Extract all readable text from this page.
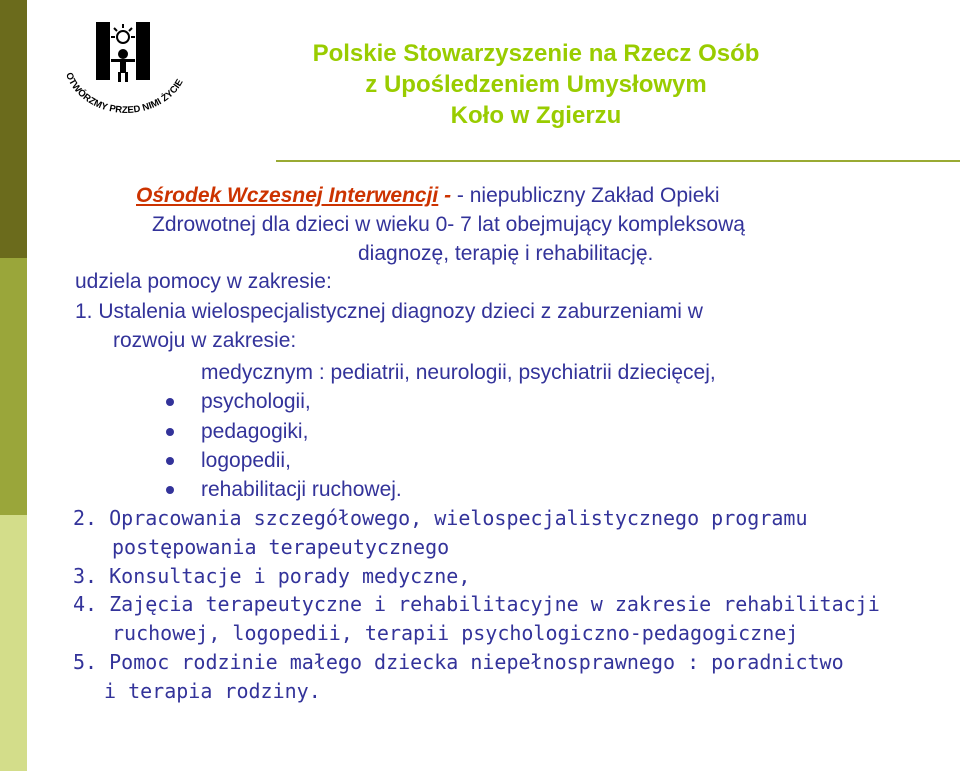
OTWÓRZMY PRZED NIMI ŻYCIE
Polskie Stowarzyszenie na Rzecz Osób
z Upośledzeniem Umysłowym
Koło w Zgierzu
Ośrodek Wczesnej Interwencji - - niepubliczny Zakład Opieki
Zdrowotnej dla dzieci w wieku 0- 7 lat obejmujący kompleksową
diagnozę, terapię i rehabilitację.
udziela pomocy w zakresie:
1. Ustalenia wielospecjalistycznej diagnozy dzieci z zaburzeniami w
rozwoju w zakresie:
medycznym : pediatrii, neurologii, psychiatrii dziecięcej,
psychologii,
pedagogiki,
logopedii,
rehabilitacji ruchowej.
2. Opracowania szczegółowego, wielospecjalistycznego programu
postępowania terapeutycznego
3. Konsultacje i porady medyczne,
4. Zajęcia terapeutyczne i rehabilitacyjne w zakresie rehabilitacji
ruchowej, logopedii, terapii psychologiczno-pedagogicznej
5. Pomoc rodzinie małego dziecka niepełnosprawnego : poradnictwo
i terapia rodziny.
